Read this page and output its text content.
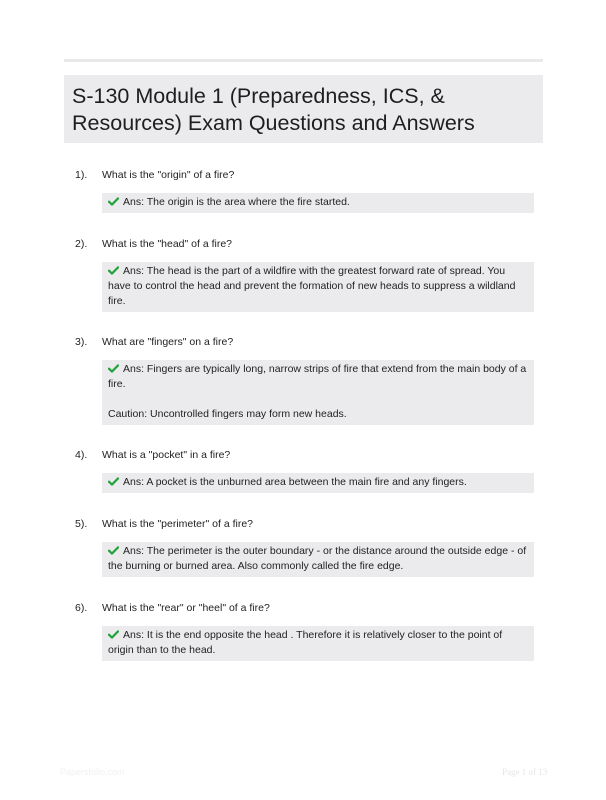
S-130 Module 1 (Preparedness, ICS, & Resources) Exam Questions and Answers
1). What is the "origin" of a fire?

Ans: The origin is the area where the fire started.

2). What is the "head" of a fire?

Ans: The head is the part of a wildfire with the greatest forward rate of spread. You have to control the head and prevent the formation of new heads to suppress a wildland fire.

3). What are "fingers" on a fire?

Ans: Fingers are typically long, narrow strips of fire that extend from the main body of a fire.

Caution: Uncontrolled fingers may form new heads.

4). What is a "pocket" in a fire?

Ans: A pocket is the unburned area between the main fire and any fingers.

5). What is the "perimeter" of a fire?

Ans: The perimeter is the outer boundary - or the distance around the outside edge - of the burning or burned area. Also commonly called the fire edge.

6). What is the "rear" or "heel" of a fire?

Ans: It is the end opposite the head . Therefore it is relatively closer to the point of origin than to the head.

Papersfolio.com	Page 1 of 13
